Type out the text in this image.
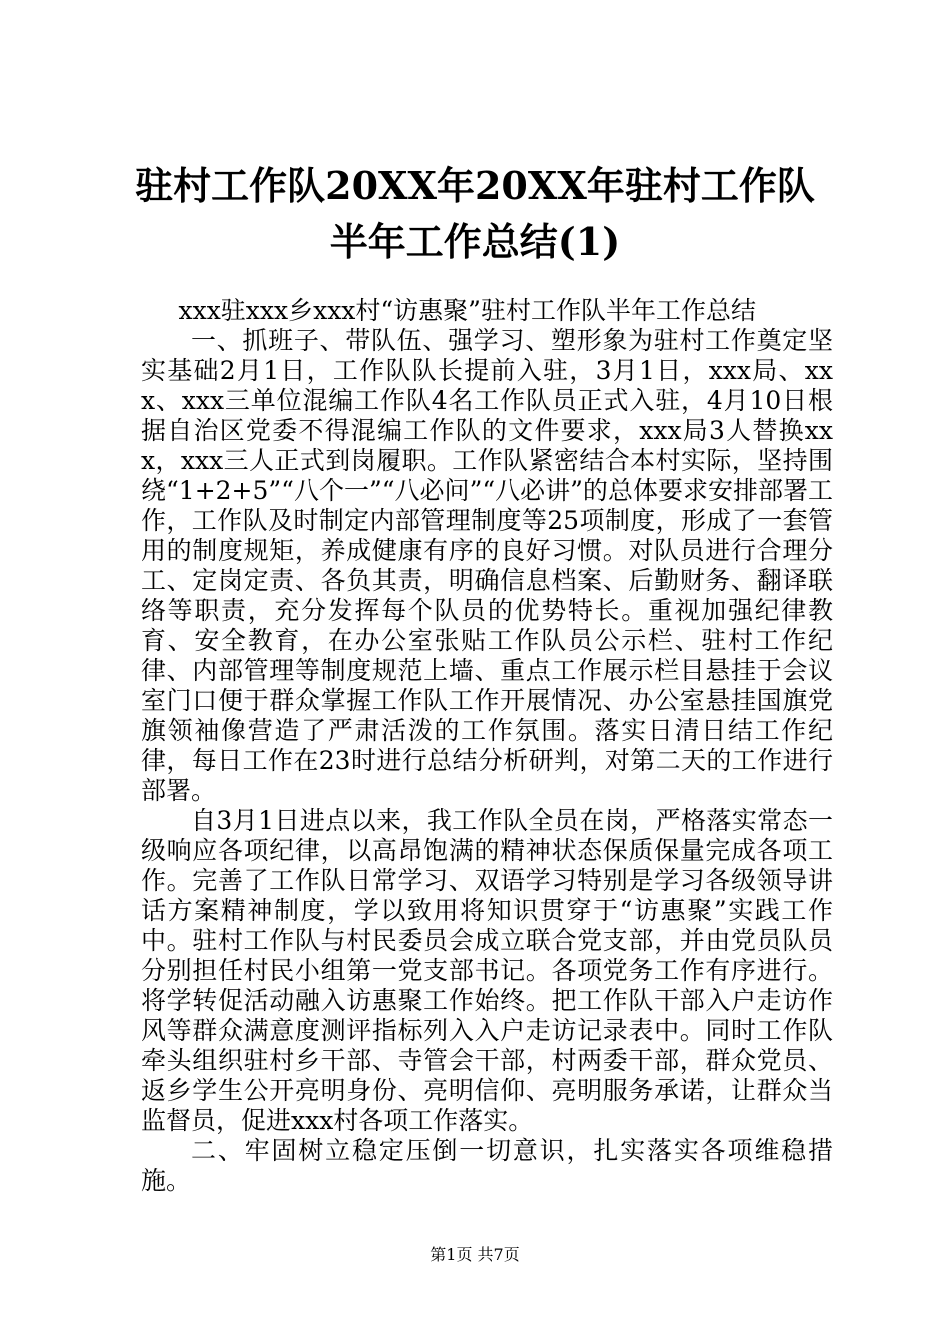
驻村工作队20XX年20XX年驻村工作队半年工作总结(1)

xxx驻xxx乡xxx村“访惠聚”驻村工作队半年工作总结

一、抓班子、带队伍、强学习、塑形象为驻村工作奠定坚实基础2月1日，工作队队长提前入驻，3月1日，xxx局、xxx、xxx三单位混编工作队4名工作队员正式入驻，4月10日根据自治区党委不得混编工作队的文件要求，xxx局3人替换xxx，xxx三人正式到岗履职。工作队紧密结合本村实际，坚持围绕“1+2+5”“八个一”“八必问”“八必讲”的总体要求安排部署工作，工作队及时制定内部管理制度等25项制度，形成了一套管用的制度规矩，养成健康有序的良好习惯。对队员进行合理分工、定岗定责、各负其责，明确信息档案、后勤财务、翻译联络等职责，充分发挥每个队员的优势特长。重视加强纪律教育、安全教育，在办公室张贴工作队员公示栏、驻村工作纪律、内部管理等制度规范上墙、重点工作展示栏目悬挂于会议室门口便于群众掌握工作队工作开展情况、办公室悬挂国旗党旗领袖像营造了严肃活泼的工作氛围。落实日清日结工作纪律，每日工作在23时进行总结分析研判，对第二天的工作进行部署。

自3月1日进点以来，我工作队全员在岗，严格落实常态一级响应各项纪律，以高昂饱满的精神状态保质保量完成各项工作。完善了工作队日常学习、双语学习特别是学习各级领导讲话方案精神制度，学以致用将知识贯穿于“访惠聚”实践工作中。驻村工作队与村民委员会成立联合党支部，并由党员队员分别担任村民小组第一党支部书记。各项党务工作有序进行。将学转促活动融入访惠聚工作始终。把工作队干部入户走访作风等群众满意度测评指标列入入户走访记录表中。同时工作队牵头组织驻村乡干部、寺管会干部，村两委干部，群众党员、返乡学生公开亮明身份、亮明信仰、亮明服务承诺，让群众当监督员，促进xxx村各项工作落实。

二、牢固树立稳定压倒一切意识，扎实落实各项维稳措施。

第1页 共7页
